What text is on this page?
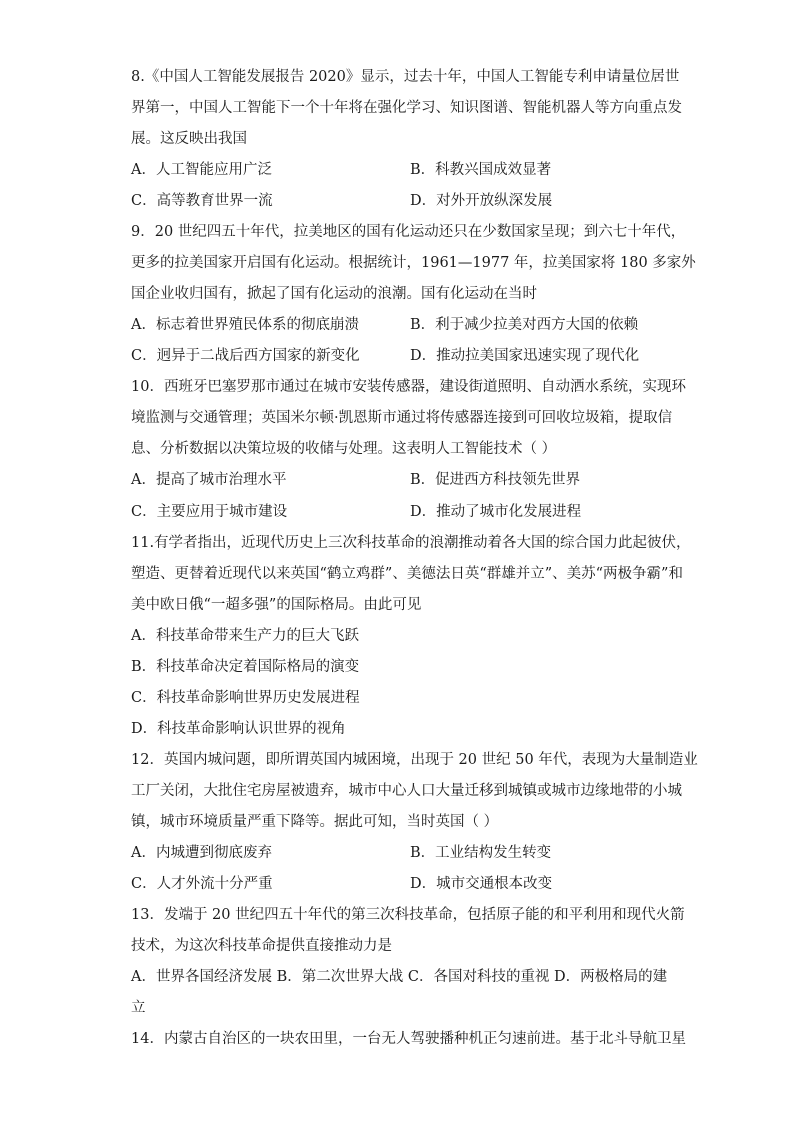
8.《中国人工智能发展报告 2020》显示，过去十年，中国人工智能专利申请量位居世
界第一，中国人工智能下一个十年将在强化学习、知识图谱、智能机器人等方向重点发
展。这反映出我国
A．人工智能应用广泛	B．科教兴国成效显著
C．高等教育世界一流	D．对外开放纵深发展
9．20 世纪四五十年代，拉美地区的国有化运动还只在少数国家呈现；到六七十年代，
更多的拉美国家开启国有化运动。根据统计，1961—1977 年，拉美国家将 180 多家外
国企业收归国有，掀起了国有化运动的浪潮。国有化运动在当时
A．标志着世界殖民体系的彻底崩溃	B．利于减少拉美对西方大国的依赖
C．迥异于二战后西方国家的新变化	D．推动拉美国家迅速实现了现代化
10．西班牙巴塞罗那市通过在城市安装传感器，建设街道照明、自动洒水系统，实现环
境监测与交通管理；英国米尔顿·凯恩斯市通过将传感器连接到可回收垃圾箱，提取信
息、分析数据以决策垃圾的收储与处理。这表明人工智能技术（ ）
A．提高了城市治理水平	B．促进西方科技领先世界
C．主要应用于城市建设	D．推动了城市化发展进程
11.有学者指出，近现代历史上三次科技革命的浪潮推动着各大国的综合国力此起彼伏，
塑造、更替着近现代以来英国“鹤立鸡群”、美德法日英“群雄并立”、美苏“两极争霸”和
美中欧日俄“一超多强”的国际格局。由此可见
A．科技革命带来生产力的巨大飞跃
B．科技革命决定着国际格局的演变
C．科技革命影响世界历史发展进程
D．科技革命影响认识世界的视角
12．英国内城问题，即所谓英国内城困境，出现于 20 世纪 50 年代，表现为大量制造业
工厂关闭，大批住宅房屋被遗弃，城市中心人口大量迁移到城镇或城市边缘地带的小城
镇，城市环境质量严重下降等。据此可知，当时英国（ ）
A．内城遭到彻底废弃	B．工业结构发生转变
C．人才外流十分严重	D．城市交通根本改变
13．发端于 20 世纪四五十年代的第三次科技革命，包括原子能的和平利用和现代火箭
技术，为这次科技革命提供直接推动力是
A．世界各国经济发展 B．第二次世界大战 C．各国对科技的重视 D．两极格局的建
立
14．内蒙古自治区的一块农田里，一台无人驾驶播种机正匀速前进。基于北斗导航卫星
